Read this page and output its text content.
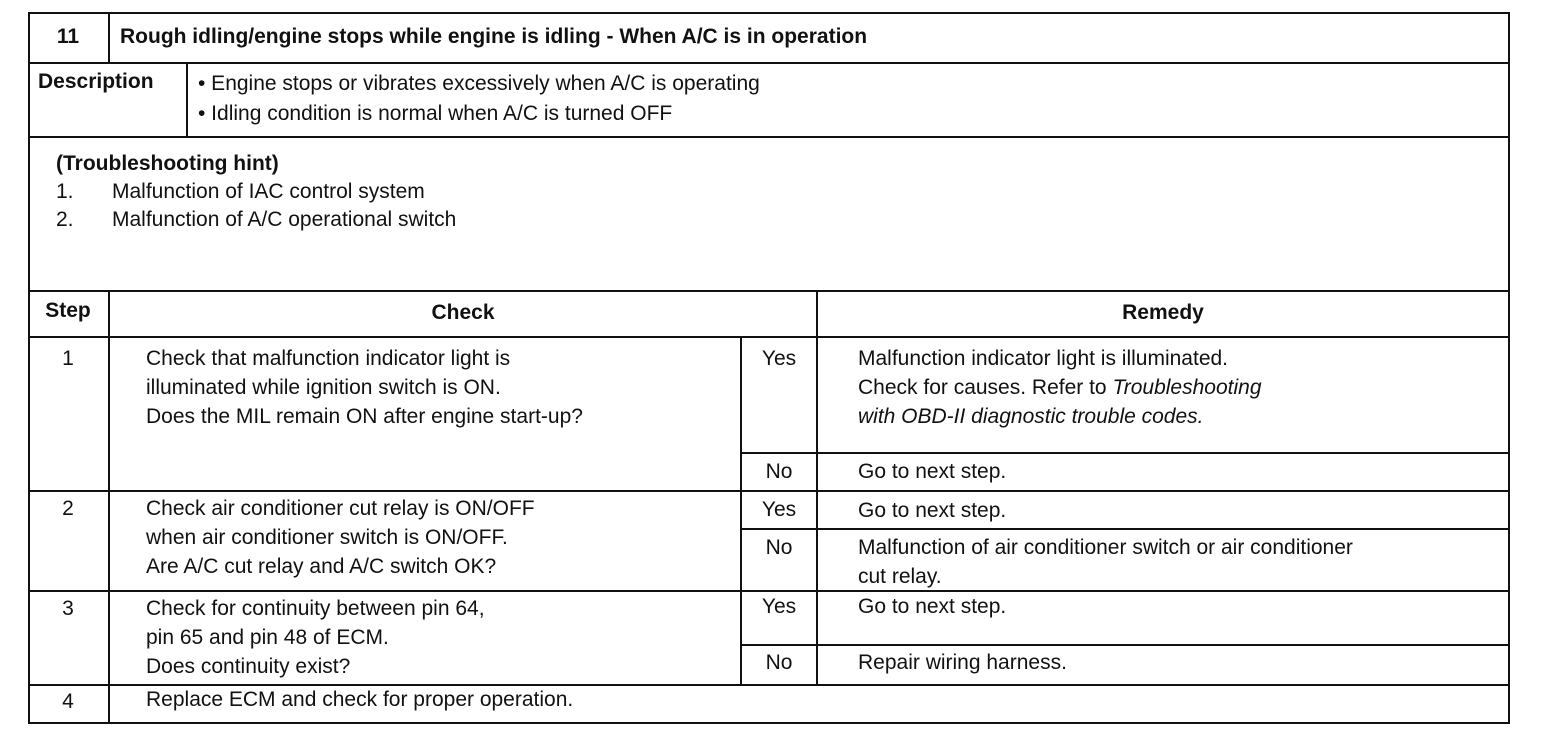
11	Rough idling/engine stops while engine is idling - When A/C is in operation
Description • Engine stops or vibrates excessively when A/C is operating
• Idling condition is normal when A/C is turned OFF
(Troubleshooting hint)
1. Malfunction of IAC control system
2. Malfunction of A/C operational switch
Step	Check	Remedy
1	Check that malfunction indicator light is
illuminated while ignition switch is ON.
Does the MIL remain ON after engine start-up?
Yes	Malfunction indicator light is illuminated.
Check for causes. Refer to Troubleshooting
with OBD-II diagnostic trouble codes.
No	Go to next step.
2	Check air conditioner cut relay is ON/OFF
when air conditioner switch is ON/OFF.
Are A/C cut relay and A/C switch OK?
Yes	Go to next step.
No	Malfunction of air conditioner switch or air conditioner
cut relay.
3	Check for continuity between pin 64,
pin 65 and pin 48 of ECM.
Does continuity exist?
Yes	Go to next step.
No	Repair wiring harness.
4	Replace ECM and check for proper operation.
